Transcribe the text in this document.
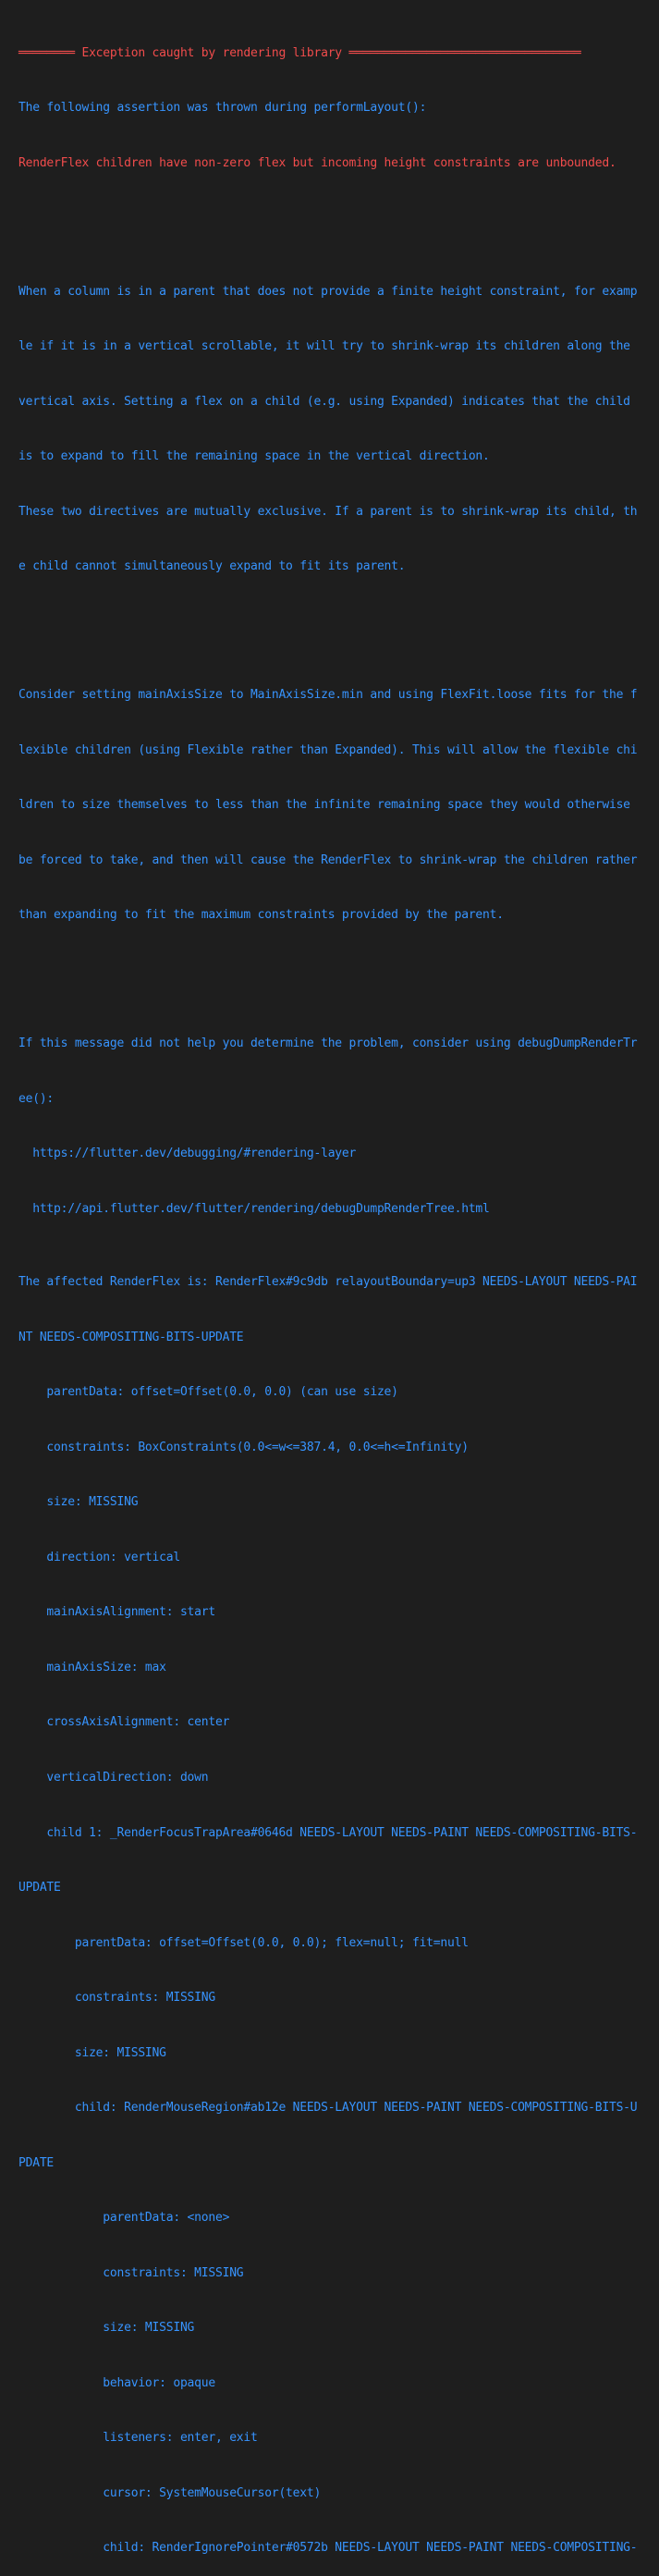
════════ Exception caught by rendering library ═════════════════════════════════

The following assertion was thrown during performLayout():

RenderFlex children have non-zero flex but incoming height constraints are unbounded.

When a column is in a parent that does not provide a finite height constraint, for examp

le if it is in a vertical scrollable, it will try to shrink-wrap its children along the

vertical axis. Setting a flex on a child (e.g. using Expanded) indicates that the child

is to expand to fill the remaining space in the vertical direction.

These two directives are mutually exclusive. If a parent is to shrink-wrap its child, th

e child cannot simultaneously expand to fit its parent.

Consider setting mainAxisSize to MainAxisSize.min and using FlexFit.loose fits for the f

lexible children (using Flexible rather than Expanded). This will allow the flexible chi

ldren to size themselves to less than the infinite remaining space they would otherwise

be forced to take, and then will cause the RenderFlex to shrink-wrap the children rather

than expanding to fit the maximum constraints provided by the parent.

If this message did not help you determine the problem, consider using debugDumpRenderTr

ee():

https://flutter.dev/debugging/#rendering-layer

http://api.flutter.dev/flutter/rendering/debugDumpRenderTree.html

The affected RenderFlex is: RenderFlex#9c9db relayoutBoundary=up3 NEEDS-LAYOUT NEEDS-PAI

NT NEEDS-COMPOSITING-BITS-UPDATE

parentData: offset=Offset(0.0, 0.0) (can use size)

constraints: BoxConstraints(0.0<=w<=387.4, 0.0<=h<=Infinity)

size: MISSING

direction: vertical

mainAxisAlignment: start

mainAxisSize: max

crossAxisAlignment: center

verticalDirection: down

child 1: _RenderFocusTrapArea#0646d NEEDS-LAYOUT NEEDS-PAINT NEEDS-COMPOSITING-BITS-

UPDATE

parentData: offset=Offset(0.0, 0.0); flex=null; fit=null

constraints: MISSING

size: MISSING

child: RenderMouseRegion#ab12e NEEDS-LAYOUT NEEDS-PAINT NEEDS-COMPOSITING-BITS-U

PDATE

parentData: <none>

constraints: MISSING

size: MISSING

behavior: opaque

listeners: enter, exit

cursor: SystemMouseCursor(text)

child: RenderIgnorePointer#0572b NEEDS-LAYOUT NEEDS-PAINT NEEDS-COMPOSITING-
